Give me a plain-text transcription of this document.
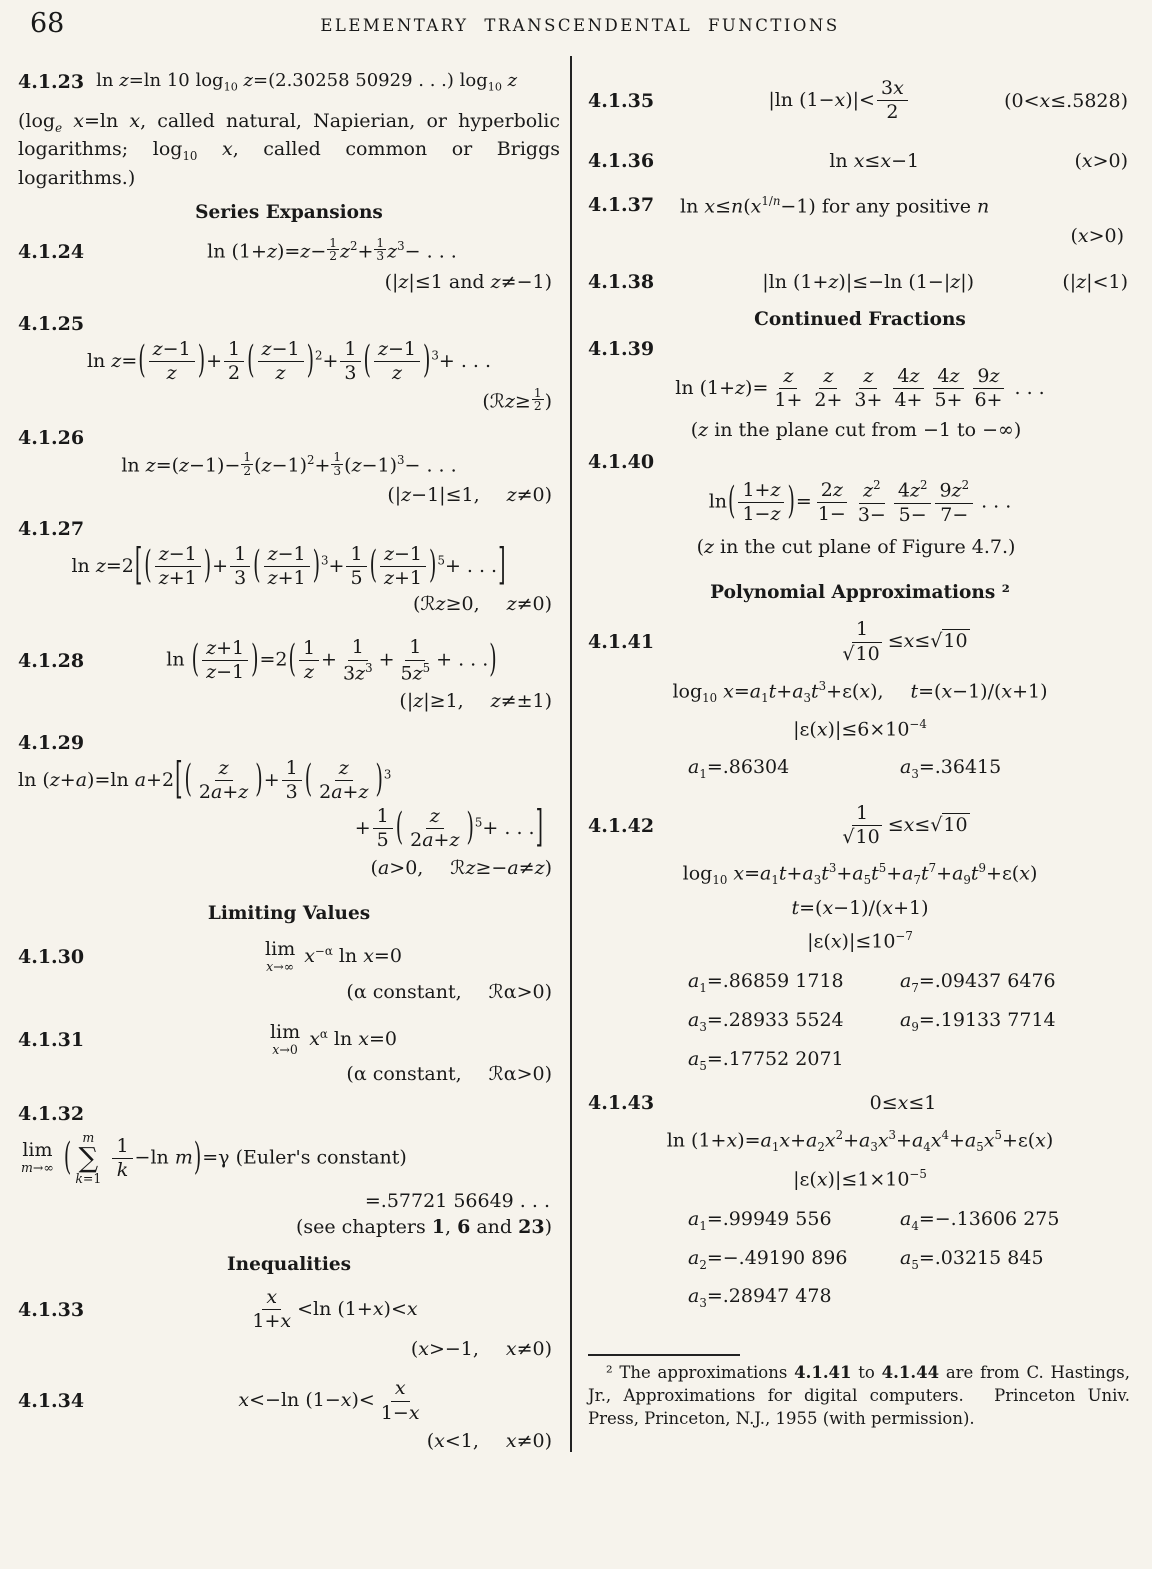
68	ELEMENTARY TRANSCENDENTAL FUNCTIONS
4.1.23 ln z=ln 10 $\log_{10} z=(2.30258$ 50929 . . .) $\log_{10} z$

($\log_e$ x=ln x, called natural, Napierian, or hyperbolic logarithms; $\log_{10} x$, called common or Briggs logarithms.)

Series Expansions
4.1.24	$\ln (1+z)=z- \frac{1}{2} z^2+ \frac{1}{3} z^3-$ . . .
(|z|≤1 and z≠−1)
4.1.25
$\ln z=( \frac{z-1}{z}$ )+ $\frac{1}{2}$ ( $\frac{z-1}{z} )^2+ \frac{1}{3}$ ( $\frac{z-1}{z} )^3+$ . . .
(ℛz≥ $\frac{1}{2}$ )
4.1.26
$\ln z=(z-1)- \frac{1}{2} (z-1)^2+ \frac{1}{3} (z-1)^3-$ . . .
(|z−1|≤1, z≠0)
4.1.27
ln z=2[ ( $\frac{z-1}{z+1}$ )+ $\frac{1}{3}$ ( $\frac{z-1}{z+1} )^3+ \frac{1}{5}$ ( $\frac{z-1}{z+1} )^5+$ . . .]
(ℛz≥0, z≠0)
4.1.28	ln ( $\frac{z+1}{z-1} )=2( \frac{1}{z} + \frac{1}{3z^3} + \frac{1}{5z^5}$ + . . .)
(|z|≥1, z≠±1)
4.1.29
ln (z+a)=ln a+2[ ( $\frac{z}{2a+z}$ )+ $\frac{1}{3}$ ( $\frac{z}{2a+z} )^3$
+ $\frac{1}{5}$ ( $\frac{z}{2a+z} )^5+$ . . .]
(a>0, ℛz≥−a≠z)
Limiting Values
4.1.30	lim
x→∞ $x^{-\alpha}$ ln x=0
(α constant, ℛα>0)
4.1.31	lim
x→0 $x^\alpha$ ln x=0
(α constant, ℛα>0)
4.1.32
lim
m→∞ ( m
∑
k=1
$\frac{1}{k} -\ln$ m)=γ (Euler's constant)
=.57721 56649 . . .
(see chapters 1, 6 and 23)
Inequalities
4.1.33	$\frac{x}{1+x} <\ln$ (1+x)<x
(x>−1, x≠0)
4.1.34	x<−ln $(1-x)< \frac{x}{1-x}$
(x<1, x≠0)
4.1.35	|ln $(1-x)|< \frac{3x}{2}$	(0<x≤.5828)
4.1.36	ln x≤x−1	(x>0)
4.1.37	$\ln x\le n(x^{1/n}-1)$ for any positive n
(x>0)
4.1.38	|ln (1+z)|≤−ln (1−|z|)	(|z|<1)
Continued Fractions
4.1.39
$\ln (1+z)= \frac{z}{1+} \frac{z}{2+} \frac{z}{3+} \frac{4z}{4+} \frac{4z}{5+} \frac{9z}{6+}$ . . .
(z in the plane cut from −1 to −∞)
4.1.40
$\ln( \frac{1+z}{1-z}$ )= $\frac{2z}{1-} \frac{z^2}{3-} \frac{4z^2}{5-} \frac{9z^2}{7-}$ . . .
(z in the cut plane of Figure 4.7.)
Polynomial Approximations ²
4.1.41	$\frac{1}{√10} \le x\le√10$
$\log_{10} x=a_1t+a_3t^3+\varepsilon(x)$, t=(x−1)/(x+1)
$|\varepsilon(x)|\le 6\times 10^{-4}$
$a_1=.86304$	$a_3=.36415$
4.1.42	$\frac{1}{√10} \le x\le√10$
$\log_{10} x=a_1t+a_3t^3+a_5t^5+a_7t^7+a_9t^9+\varepsilon(x)$
t=(x−1)/(x+1)
$|\varepsilon(x)|\le 10^{-7}$
$a_1=.86859$ 1718	$a_7=.09437$ 6476
$a_3=.28933$ 5524	$a_9=.19133$ 7714
$a_5=.17752$ 2071
4.1.43	0≤x≤1
$\ln (1+x)=a_1x+a_2x^2+a_3x^3+a_4x^4+a_5x^5+\varepsilon(x)$
$|\varepsilon(x)|\le 1\times 10^{-5}$
$a_1=.99949$ 556	$a_4=-.13606$ 275
$a_2=-.49190$ 896	$a_5=.03215$ 845
$a_3=.28947$ 478

² The approximations 4.1.41 to 4.1.44 are from C. Hastings, Jr., Approximations for digital computers. Princeton Univ. Press, Princeton, N.J., 1955 (with permission).
